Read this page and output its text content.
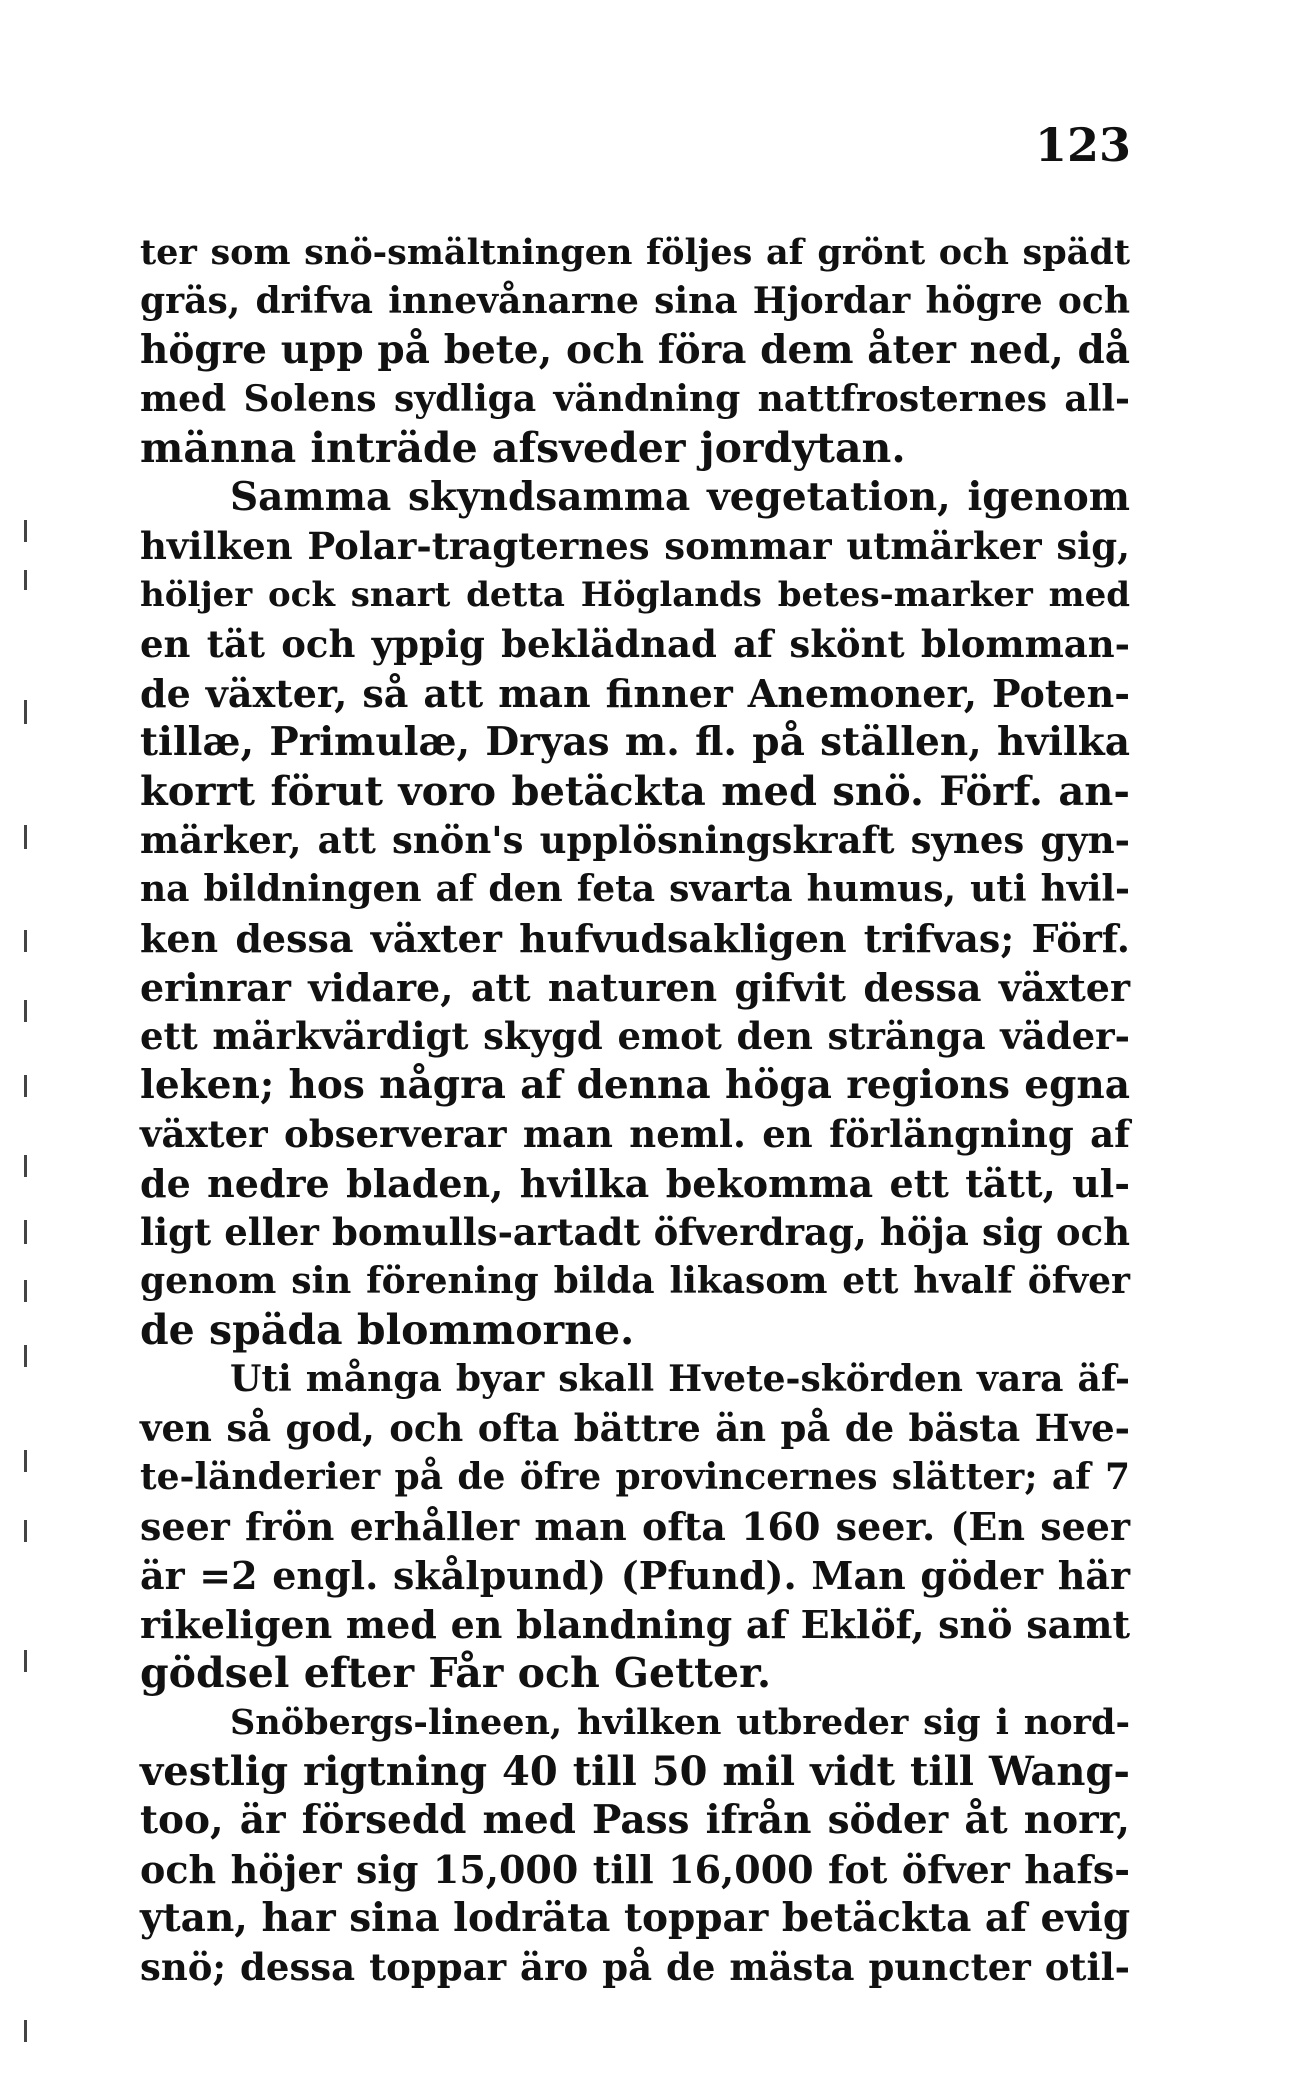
123
ter som snö-smältningen följes af grönt och spädt
gräs, drifva innevånarne sina Hjordar högre och
högre upp på bete, och föra dem åter ned, då
med Solens sydliga vändning nattfrosternes all-
männa inträde afsveder jordytan.
Samma skyndsamma vegetation, igenom
hvilken Polar-tragternes sommar utmärker sig,
höljer ock snart detta Höglands betes-marker med
en tät och yppig beklädnad af skönt blomman-
de växter, så att man finner Anemoner, Poten-
tillæ, Primulæ, Dryas m. fl. på ställen, hvilka
korrt förut voro betäckta med snö. Förf. an-
märker, att snön's upplösningskraft synes gyn-
na bildningen af den feta svarta humus, uti hvil-
ken dessa växter hufvudsakligen trifvas; Förf.
erinrar vidare, att naturen gifvit dessa växter
ett märkvärdigt skygd emot den stränga väder-
leken; hos några af denna höga regions egna
växter observerar man neml. en förlängning af
de nedre bladen, hvilka bekomma ett tätt, ul-
ligt eller bomulls-artadt öfverdrag, höja sig och
genom sin förening bilda likasom ett hvalf öfver
de späda blommorne.
Uti många byar skall Hvete-skörden vara äf-
ven så god, och ofta bättre än på de bästa Hve-
te-länderier på de öfre provincernes slätter; af 7
seer frön erhåller man ofta 160 seer. (En seer
är =2 engl. skålpund) (Pfund). Man göder här
rikeligen med en blandning af Eklöf, snö samt
gödsel efter Får och Getter.
Snöbergs-lineen, hvilken utbreder sig i nord-
vestlig rigtning 40 till 50 mil vidt till Wang-
too, är försedd med Pass ifrån söder åt norr,
och höjer sig 15,000 till 16,000 fot öfver hafs-
ytan, har sina lodräta toppar betäckta af evig
snö; dessa toppar äro på de mästa puncter otil-
